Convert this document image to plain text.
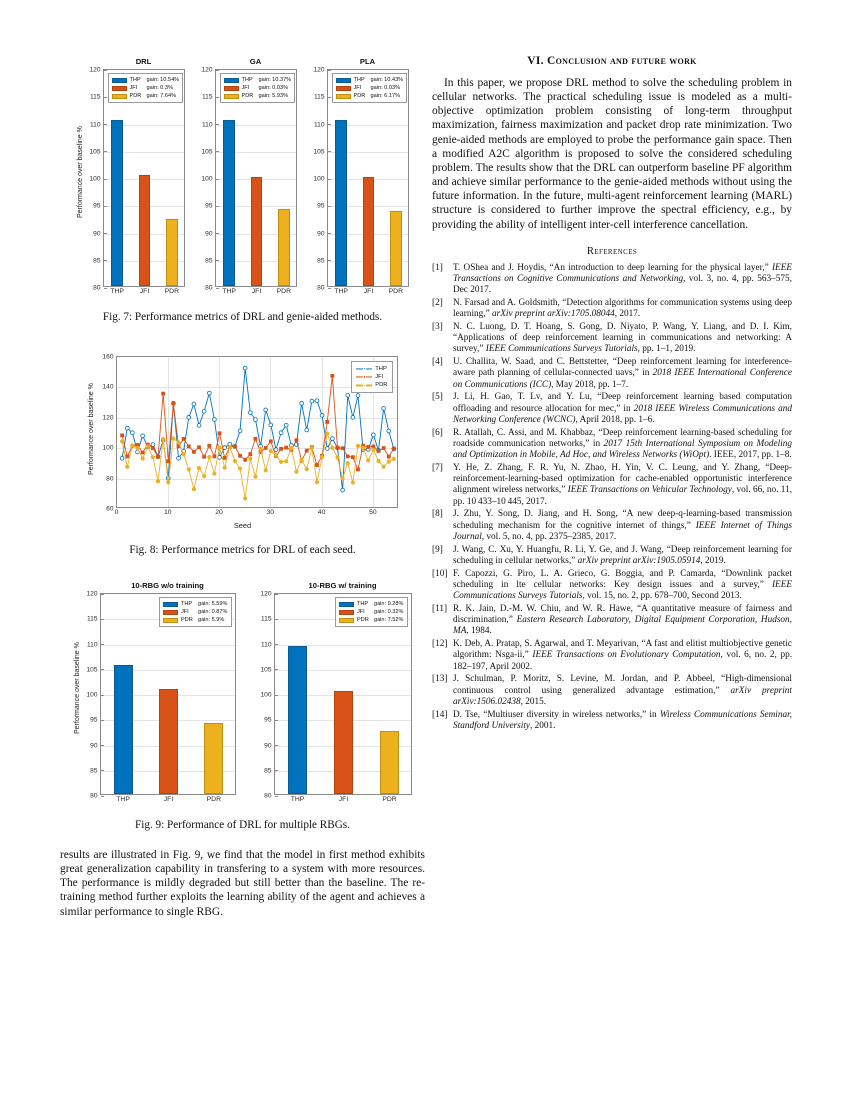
80
85
90
95
100
105
110
115
120
THP JFI PDR
THP	gain: 10.54%
JFI	gain: 0.3%
PDR gain: 7.64%
DRL
Performance over baseline %
80
85
90
95
100
105
110
115
120
THP JFI PDR
THP	gain: 10.37%
JFI	gain: 0.03%
PDR gain: 5.93%
GA
80
85
90
95
100
105
110
115
120
THP JFI PDR
THP	gain: 10.43%
JFI	gain: 0.03%
PDR gain: 6.17%
PLA
Fig. 7: Performance metrics of DRL and genie-aided methods.
60
80
100
120
140
160
0	10	20	30	40	50
THP
JFI
PDR
Performance over baseline %
Seed
Fig. 8: Performance metrics for DRL of each seed.
80
85
90
95
100
105
110
115
120
THP	JFI	PDR
THP	gain: 5.59%
JFI	gain: 0.87%
PDR gain: 5.9%
10-RBG w/o training
Performance over baseline %
80
85
90
95
100
105
110
115
120
THP	JFI	PDR
THP	gain: 9.28%
JFI	gain: 0.32%
PDR gain: 7.52%
10-RBG w/ training
Fig. 9: Performance of DRL for multiple RBGs.

results are illustrated in Fig. 9, we find that the model in first method exhibits great generalization capability in transfering to a system with more resources. The performance is mildly degraded but still better than the baseline. The re-training method further exploits the learning ability of the agent and achieves a similar performance to single RBG.

VI. Conclusion and future work

In this paper, we propose DRL method to solve the scheduling problem in cellular networks. The practical scheduling issue is modeled as a multi-objective optimization problem consisting of long-term throughput maximization, fairness maximization and packet drop rate minimization. Two genie-aided methods are employed to probe the performance gain space. Then a modified A2C algorithm is proposed to solve the considered scheduling problem. The results show that the DRL can outperform baseline PF algorithm and achieve similar performance to the genie-aided methods without using the future information. In the future, multi-agent reinforcement learning (MARL) structure is considered to further improve the spectral efficiency, e.g., by providing the ability of intelligent inter-cell interference cancellation.

References
[1]	T. OShea and J. Hoydis, “An introduction to deep learning for the physical layer,” IEEE Transactions on Cognitive Communications and Networking, vol. 3, no. 4, pp. 563–575, Dec 2017.
[2]	N. Farsad and A. Goldsmith, “Detection algorithms for communication systems using deep learning,” arXiv preprint arXiv:1705.08044, 2017.
[3]	N. C. Luong, D. T. Hoang, S. Gong, D. Niyato, P. Wang, Y. Liang, and D. I. Kim, “Applications of deep reinforcement learning in communications and networking: A survey,” IEEE Communications Surveys Tutorials, pp. 1–1, 2019.
[4]	U. Challita, W. Saad, and C. Bettstetter, “Deep reinforcement learning for interference-aware path planning of cellular-connected uavs,” in 2018 IEEE International Conference on Communications (ICC), May 2018, pp. 1–7.
[5]	J. Li, H. Gao, T. Lv, and Y. Lu, “Deep reinforcement learning based computation offloading and resource allocation for mec,” in 2018 IEEE Wireless Communications and Networking Conference (WCNC), April 2018, pp. 1–6.
[6]	R. Atallah, C. Assi, and M. Khabbaz, “Deep reinforcement learning-based scheduling for roadside communication networks,” in 2017 15th International Symposium on Modeling and Optimization in Mobile, Ad Hoc, and Wireless Networks (WiOpt). IEEE, 2017, pp. 1–8.
[7]	Y. He, Z. Zhang, F. R. Yu, N. Zhao, H. Yin, V. C. Leung, and Y. Zhang, “Deep-reinforcement-learning-based optimization for cache-enabled opportunistic interference alignment wireless networks,” IEEE Transactions on Vehicular Technology, vol. 66, no. 11, pp. 10 433–10 445, 2017.
[8]	J. Zhu, Y. Song, D. Jiang, and H. Song, “A new deep-q-learning-based transmission scheduling mechanism for the cognitive internet of things,” IEEE Internet of Things Journal, vol. 5, no. 4, pp. 2375–2385, 2017.
[9]	J. Wang, C. Xu, Y. Huangfu, R. Li, Y. Ge, and J. Wang, “Deep reinforcement learning for scheduling in cellular networks,” arXiv preprint arXiv:1905.05914, 2019.
[10] F. Capozzi, G. Piro, L. A. Grieco, G. Boggia, and P. Camarda, “Downlink packet scheduling in lte cellular networks: Key design issues and a survey,” IEEE Communications Surveys Tutorials, vol. 15, no. 2, pp. 678–700, Second 2013.
[11] R. K. Jain, D.-M. W. Chiu, and W. R. Hawe, “A quantitative measure of fairness and discrimination,” Eastern Research Laboratory, Digital Equipment Corporation, Hudson, MA, 1984.
[12] K. Deb, A. Pratap, S. Agarwal, and T. Meyarivan, “A fast and elitist multiobjective genetic algorithm: Nsga-ii,” IEEE Transactions on Evolutionary Computation, vol. 6, no. 2, pp. 182–197, April 2002.
[13] J. Schulman, P. Moritz, S. Levine, M. Jordan, and P. Abbeel, “High-dimensional continuous control using generalized advantage estimation,” arXiv preprint arXiv:1506.02438, 2015.
[14] D. Tse, “Multiuser diversity in wireless networks,” in Wireless Communications Seminar, Standford University, 2001.
